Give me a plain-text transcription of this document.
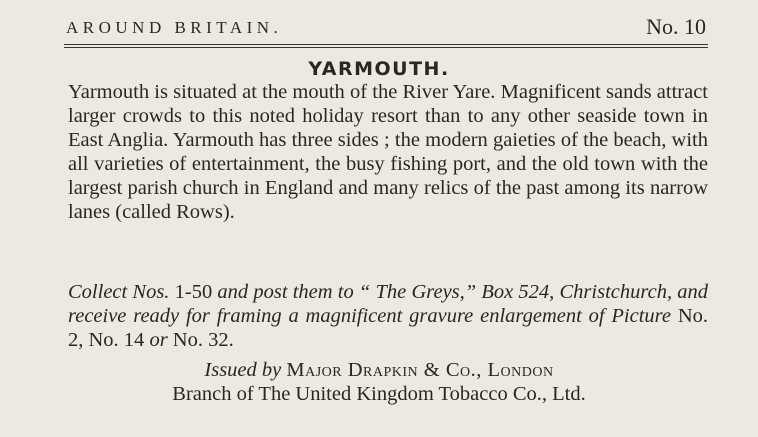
AROUND BRITAIN.	No. 10
YARMOUTH.
Yarmouth is situated at the mouth of the River Yare. Magnificent sands attract larger crowds to this noted holiday resort than to any other seaside town in East Anglia. Yarmouth has three sides ; the modern gaieties of the beach, with all varieties of entertainment, the busy fishing port, and the old town with the largest parish church in England and many relics of the past among its narrow lanes (called Rows).
Collect Nos. 1-50 and post them to “ The Greys,” Box 524, Christchurch, and receive ready for framing a magnificent gravure enlargement of Picture No. 2, No. 14 or No. 32.
Issued by Major Drapkin & Co., London
Branch of The United Kingdom Tobacco Co., Ltd.
